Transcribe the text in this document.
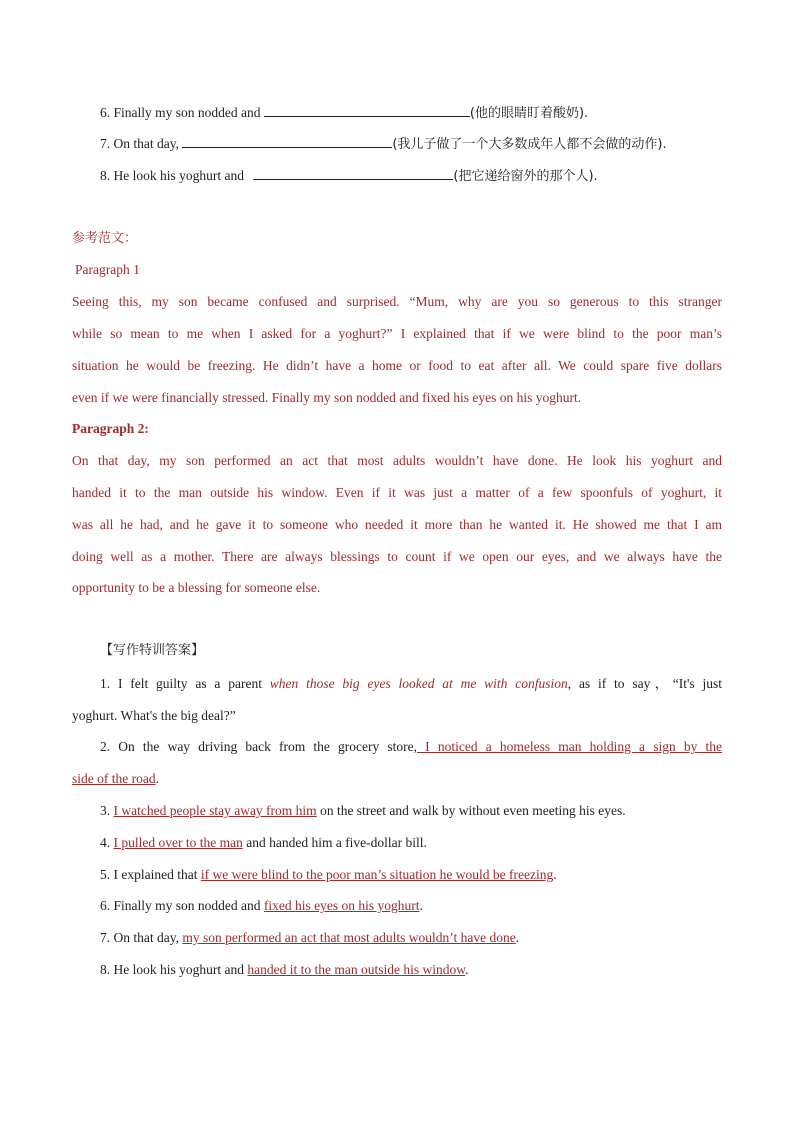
6. Finally my son nodded and	(他的眼睛盯着酸奶).
7. On that day,	(我儿子做了一个大多数成年人都不会做的动作).
8. He look his yoghurt and	(把它递给窗外的那个人).
参考范文：
Paragraph 1
Seeing this, my son became confused and surprised. “Mum, why are you so generous to this stranger
while so mean to me when I asked for a yoghurt?” I explained that if we were blind to the poor man’s
situation he would be freezing. He didn’t have a home or food to eat after all. We could spare five dollars
even if we were financially stressed. Finally my son nodded and fixed his eyes on his yoghurt.
Paragraph 2:
On that day, my son performed an act that most adults wouldn’t have done. He look his yoghurt and
handed it to the man outside his window. Even if it was just a matter of a few spoonfuls of yoghurt, it
was all he had, and he gave it to someone who needed it more than he wanted it. He showed me that I am
doing well as a mother. There are always blessings to count if we open our eyes, and we always have the
opportunity to be a blessing for someone else.
【写作特训答案】
1. I felt guilty as a parent when those big eyes looked at me with confusion, as if to say，“It's just
yoghurt. What's the big deal?”
2. On the way driving back from the grocery store, I noticed a homeless man holding a sign by the
side of the road.
3. I watched people stay away from him on the street and walk by without even meeting his eyes.
4. I pulled over to the man and handed him a five-dollar bill.
5. I explained that if we were blind to the poor man’s situation he would be freezing.
6. Finally my son nodded and fixed his eyes on his yoghurt.
7. On that day, my son performed an act that most adults wouldn’t have done.
8. He look his yoghurt and handed it to the man outside his window.
